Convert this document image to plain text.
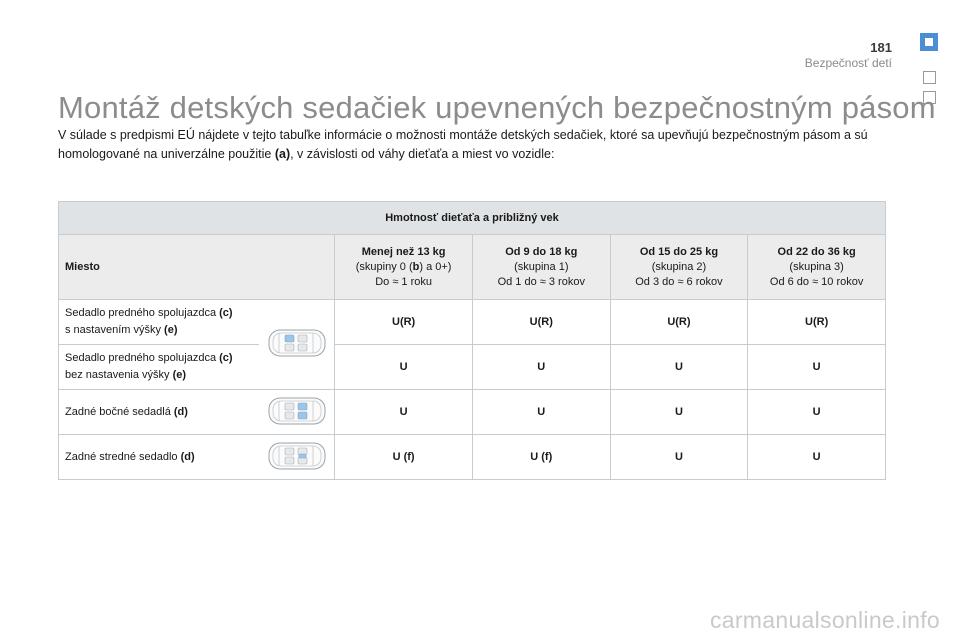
181
Bezpečnosť detí
Montáž detských sedačiek upevnených bezpečnostným pásom

V súlade s predpismi EÚ nájdete v tejto tabuľke informácie o možnosti montáže detských sedačiek, ktoré sa upevňujú bezpečnostným pásom a sú homologované na univerzálne použitie (a), v závislosti od váhy dieťaťa a miest vo vozidle:

Hmotnosť dieťaťa a približný vek					
Miesto		Menej než 13 kg
(skupiny 0 (b) a 0+)
Do ≈ 1 roku	Od 9 do 18 kg
(skupina 1)
Od 1 do ≈ 3 rokov	Od 15 do 25 kg
(skupina 2)
Od 3 do ≈ 6 rokov	Od 22 do 36 kg
(skupina 3)
Od 6 do ≈ 10 rokov

Sedadlo predného spolujazdca (c)
s nastavením výšky (e)		U(R)	U(R)	U(R)	U(R)

Sedadlo predného spolujazdca (c)
bez nastavenia výšky (e)		U	U	U	U

Zadné bočné sedadlá (d)		U	U	U	U

Zadné stredné sedadlo (d)		U (f)	U (f)	U	U
carmanualsonline.info
